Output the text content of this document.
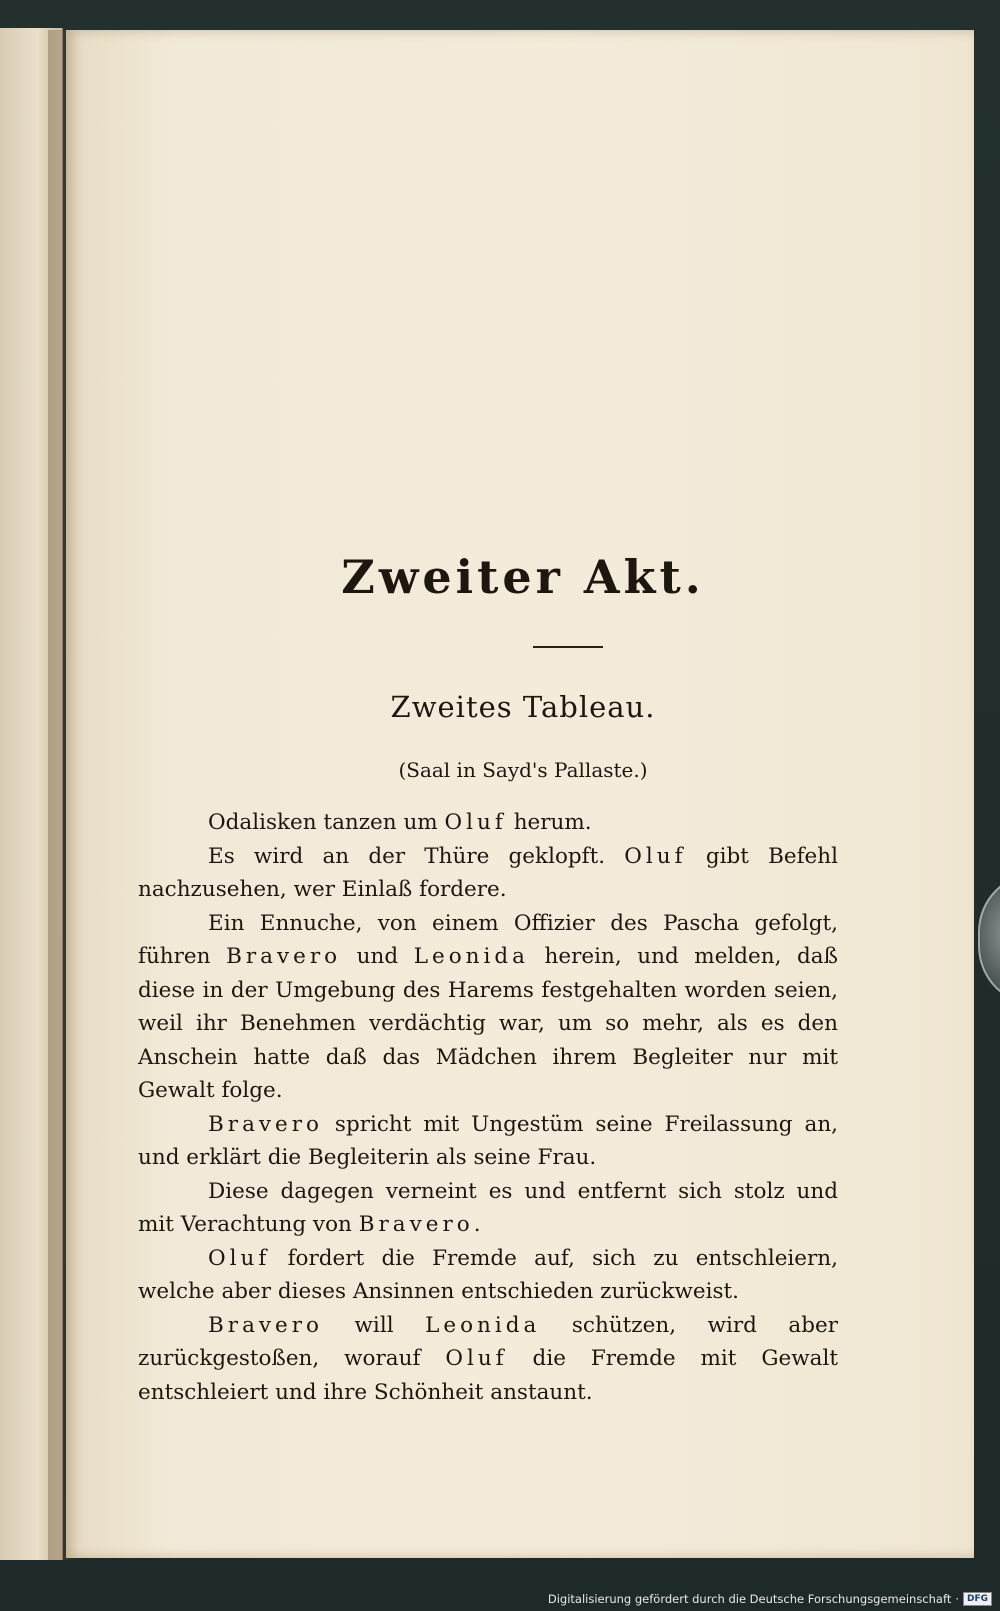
Zweiter Akt.
Zweites Tableau.
(Saal in Sayd's Pallaste.)

Odalisken tanzen um Oluf herum.

Es wird an der Thüre geklopft. Oluf gibt Befehl nachzusehen, wer Einlaß fordere.

Ein Ennuche, von einem Offizier des Pascha gefolgt, führen Bravero und Leonida herein, und melden, daß diese in der Umgebung des Harems festgehalten worden seien, weil ihr Benehmen verdächtig war, um so mehr, als es den Anschein hatte daß das Mädchen ihrem Begleiter nur mit Gewalt folge.

Bravero spricht mit Ungestüm seine Freilassung an, und erklärt die Begleiterin als seine Frau.

Diese dagegen verneint es und entfernt sich stolz und mit Verachtung von Bravero.

Oluf fordert die Fremde auf, sich zu entschleiern, welche aber dieses Ansinnen entschieden zurückweist.

Bravero will Leonida schützen, wird aber zurückgestoßen, worauf Oluf die Fremde mit Gewalt entschleiert und ihre Schönheit anstaunt.

Digitalisierung gefördert durch die Deutsche Forschungsgemeinschaft · DFG
